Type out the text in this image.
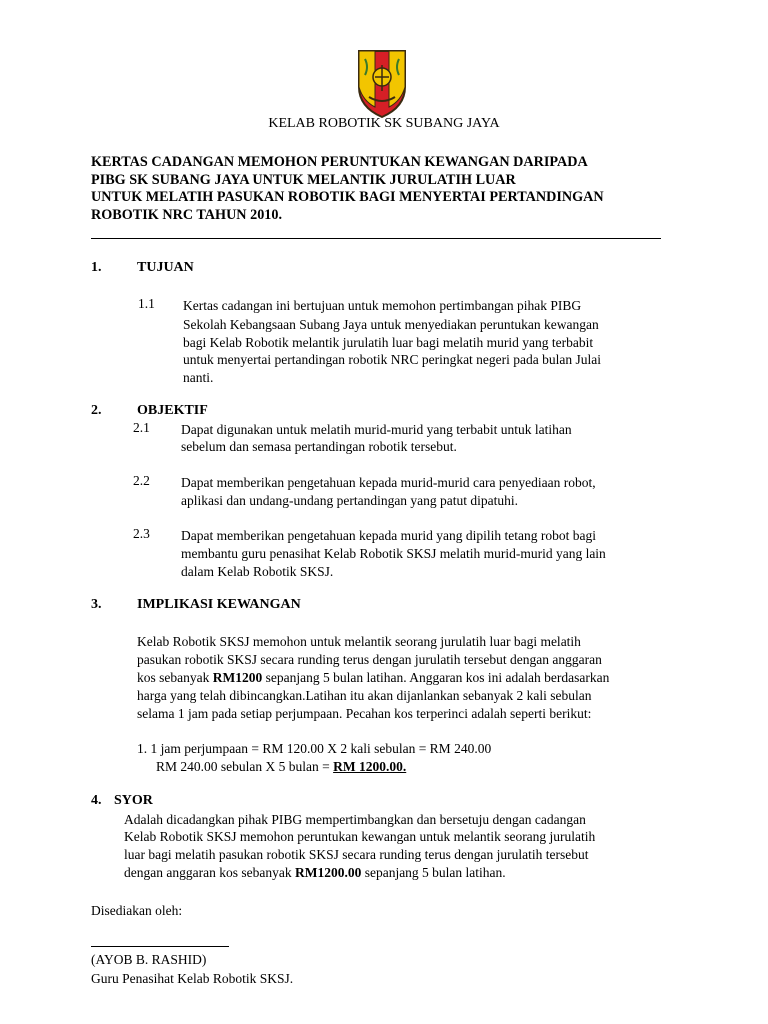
KELAB ROBOTIK SK SUBANG JAYA
KERTAS CADANGAN MEMOHON PERUNTUKAN KEWANGAN DARIPADA
PIBG SK SUBANG JAYA UNTUK MELANTIK JURULATIH LUAR
UNTUK MELATIH PASUKAN ROBOTIK BAGI MENYERTAI PERTANDINGAN
ROBOTIK NRC TAHUN 2010.
1.	TUJUAN
1.1 Kertas cadangan ini bertujuan untuk memohon pertimbangan pihak PIBG
Sekolah Kebangsaan Subang Jaya untuk menyediakan peruntukan kewangan
bagi Kelab Robotik melantik jurulatih luar bagi melatih murid yang terbabit
untuk menyertai pertandingan robotik NRC peringkat negeri pada bulan Julai
nanti.
2.	OBJEKTIF
2.1 Dapat digunakan untuk melatih murid-murid yang terbabit untuk latihan
sebelum dan semasa pertandingan robotik tersebut.
2.2 Dapat memberikan pengetahuan kepada murid-murid cara penyediaan robot,
aplikasi dan undang-undang pertandingan yang patut dipatuhi.
2.3 Dapat memberikan pengetahuan kepada murid yang dipilih tetang robot bagi
membantu guru penasihat Kelab Robotik SKSJ melatih murid-murid yang lain
dalam Kelab Robotik SKSJ.
3.	IMPLIKASI KEWANGAN
Kelab Robotik SKSJ memohon untuk melantik seorang jurulatih luar bagi melatih
pasukan robotik SKSJ secara runding terus dengan jurulatih tersebut dengan anggaran
kos sebanyak RM1200 sepanjang 5 bulan latihan. Anggaran kos ini adalah berdasarkan
harga yang telah dibincangkan.Latihan itu akan dijanlankan sebanyak 2 kali sebulan
selama 1 jam pada setiap perjumpaan. Pecahan kos terperinci adalah seperti berikut:
1. 1 jam perjumpaan = RM 120.00 X 2 kali sebulan = RM 240.00
RM 240.00 sebulan X 5 bulan = RM 1200.00.
4. SYOR
Adalah dicadangkan pihak PIBG mempertimbangkan dan bersetuju dengan cadangan
Kelab Robotik SKSJ memohon peruntukan kewangan untuk melantik seorang jurulatih
luar bagi melatih pasukan robotik SKSJ secara runding terus dengan jurulatih tersebut
dengan anggaran kos sebanyak RM1200.00 sepanjang 5 bulan latihan.
Disediakan oleh:
(AYOB B. RASHID)
Guru Penasihat Kelab Robotik SKSJ.
